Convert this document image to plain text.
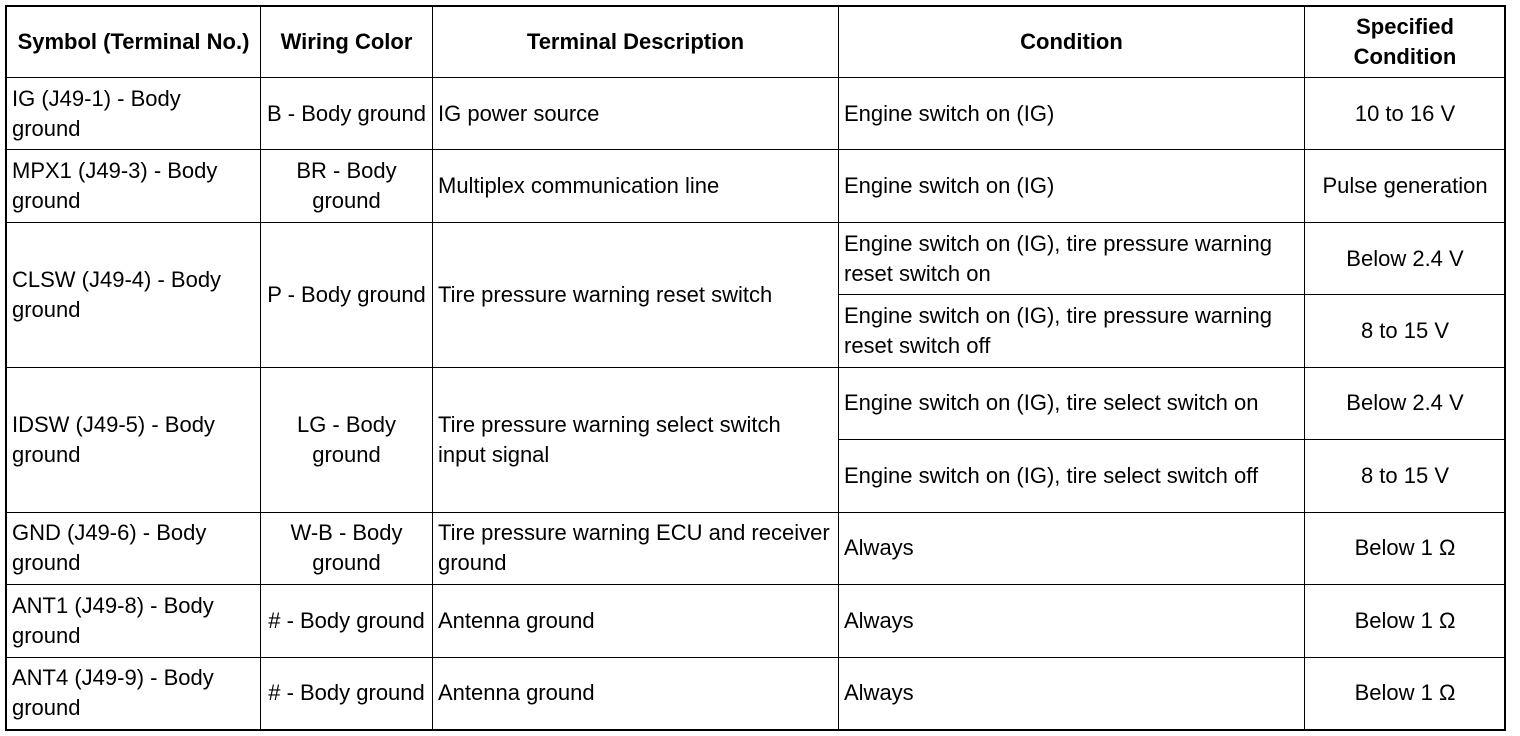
Symbol (Terminal No.)	Wiring Color	Terminal Description	Condition	Specified Condition
IG (J49-1) - Body ground	B - Body ground	IG power source	Engine switch on (IG)	10 to 16 V
MPX1 (J49-3) - Body ground	BR - Body ground	Multiplex communication line	Engine switch on (IG)	Pulse generation
CLSW (J49-4) - Body ground	P - Body ground	Tire pressure warning reset switch	Engine switch on (IG), tire pressure warning reset switch on	Below 2.4 V
			Engine switch on (IG), tire pressure warning reset switch off	8 to 15 V
IDSW (J49-5) - Body ground	LG - Body ground	Tire pressure warning select switch input signal	Engine switch on (IG), tire select switch on	Below 2.4 V
			Engine switch on (IG), tire select switch off	8 to 15 V
GND (J49-6) - Body ground	W-B - Body ground	Tire pressure warning ECU and receiver ground	Always	Below 1 Ω
ANT1 (J49-8) - Body ground	# - Body ground	Antenna ground	Always	Below 1 Ω
ANT4 (J49-9) - Body ground	# - Body ground	Antenna ground	Always	Below 1 Ω
